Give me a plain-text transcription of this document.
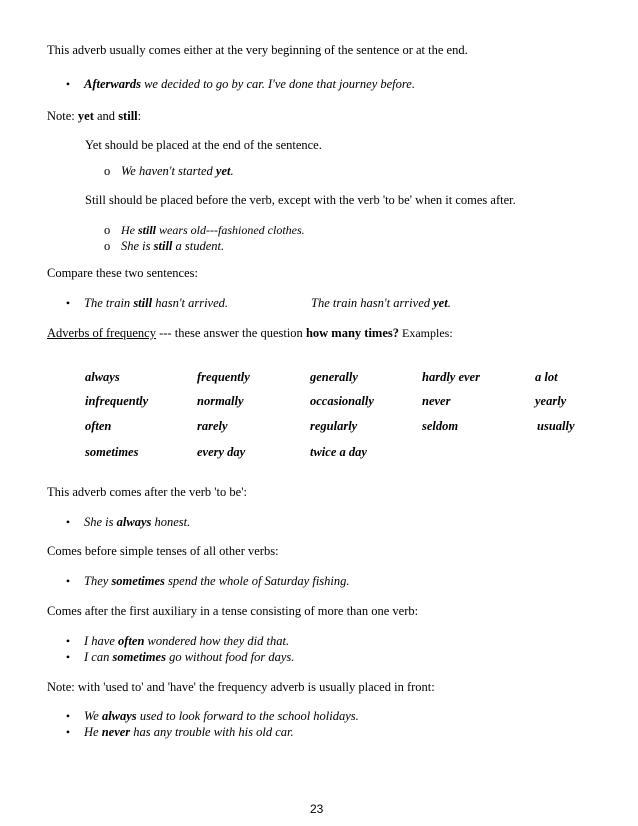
This adverb usually comes either at the very beginning of the sentence or at the end.
•	Afterwards we decided to go by car. I've done that journey before.
Note: yet and still:
Yet should be placed at the end of the sentence.
o We haven't started yet.
Still should be placed before the verb, except with the verb 'to be' when it comes after.
o He still wears old---fashioned clothes.
o She is still a student.
Compare these two sentences:
•	The train still hasn't arrived.	The train hasn't arrived yet.
Adverbs of frequency --- these answer the question how many times? Examples:
always	frequently	generally	hardly ever	a lot
infrequently	normally	occasionally	never	yearly
often	rarely	regularly	seldom	usually
sometimes	every day	twice a day
This adverb comes after the verb 'to be':
•	She is always honest.
Comes before simple tenses of all other verbs:
•	They sometimes spend the whole of Saturday fishing.
Comes after the first auxiliary in a tense consisting of more than one verb:
•	I have often wondered how they did that.
•	I can sometimes go without food for days.
Note: with 'used to' and 'have' the frequency adverb is usually placed in front:
•	We always used to look forward to the school holidays.
•	He never has any trouble with his old car.
23
